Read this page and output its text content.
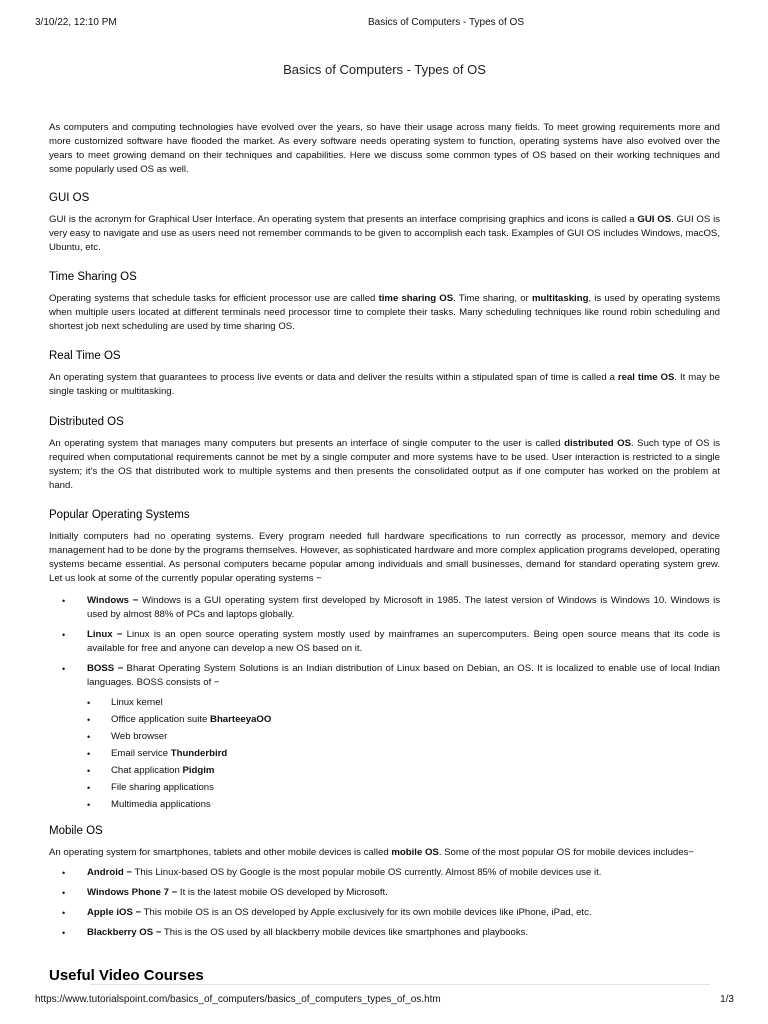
3/10/22, 12:10 PM	Basics of Computers - Types of OS
Basics of Computers - Types of OS

As computers and computing technologies have evolved over the years, so have their usage across many fields. To meet growing requirements more and more customized software have flooded the market. As every software needs operating system to function, operating systems have also evolved over the years to meet growing demand on their techniques and capabilities. Here we discuss some common types of OS based on their working techniques and some popularly used OS as well.

GUI OS

GUI is the acronym for Graphical User Interface. An operating system that presents an interface comprising graphics and icons is called a GUI OS. GUI OS is very easy to navigate and use as users need not remember commands to be given to accomplish each task. Examples of GUI OS includes Windows, macOS, Ubuntu, etc.

Time Sharing OS

Operating systems that schedule tasks for efficient processor use are called time sharing OS. Time sharing, or multitasking, is used by operating systems when multiple users located at different terminals need processor time to complete their tasks. Many scheduling techniques like round robin scheduling and shortest job next scheduling are used by time sharing OS.

Real Time OS

An operating system that guarantees to process live events or data and deliver the results within a stipulated span of time is called a real time OS. It may be single tasking or multitasking.

Distributed OS

An operating system that manages many computers but presents an interface of single computer to the user is called distributed OS. Such type of OS is required when computational requirements cannot be met by a single computer and more systems have to be used. User interaction is restricted to a single system; it’s the OS that distributed work to multiple systems and then presents the consolidated output as if one computer has worked on the problem at hand.

Popular Operating Systems

Initially computers had no operating systems. Every program needed full hardware specifications to run correctly as processor, memory and device management had to be done by the programs themselves. However, as sophisticated hardware and more complex application programs developed, operating systems became essential. As personal computers became popular among individuals and small businesses, demand for standard operating system grew. Let us look at some of the currently popular operating systems −

• Windows − Windows is a GUI operating system first developed by Microsoft in 1985. The latest version of Windows is Windows 10. Windows is used by almost 88% of PCs and laptops globally.
• Linux − Linux is an open source operating system mostly used by mainframes an supercomputers. Being open source means that its code is available for free and anyone can develop a new OS based on it.
• BOSS − Bharat Operating System Solutions is an Indian distribution of Linux based on Debian, an OS. It is localized to enable use of local Indian languages. BOSS consists of −
• Linux kernel
• Office application suite BharteeyaOO
• Web browser
• Email service Thunderbird
• Chat application Pidgim
• File sharing applications
• Multimedia applications
Mobile OS

An operating system for smartphones, tablets and other mobile devices is called mobile OS. Some of the most popular OS for mobile devices includes−

• Android − This Linux-based OS by Google is the most popular mobile OS currently. Almost 85% of mobile devices use it.
• Windows Phone 7 − It is the latest mobile OS developed by Microsoft.
• Apple iOS − This mobile OS is an OS developed by Apple exclusively for its own mobile devices like iPhone, iPad, etc.
• Blackberry OS − This is the OS used by all blackberry mobile devices like smartphones and playbooks.
Useful Video Courses
https://www.tutorialspoint.com/basics_of_computers/basics_of_computers_types_of_os.htm	1/3
